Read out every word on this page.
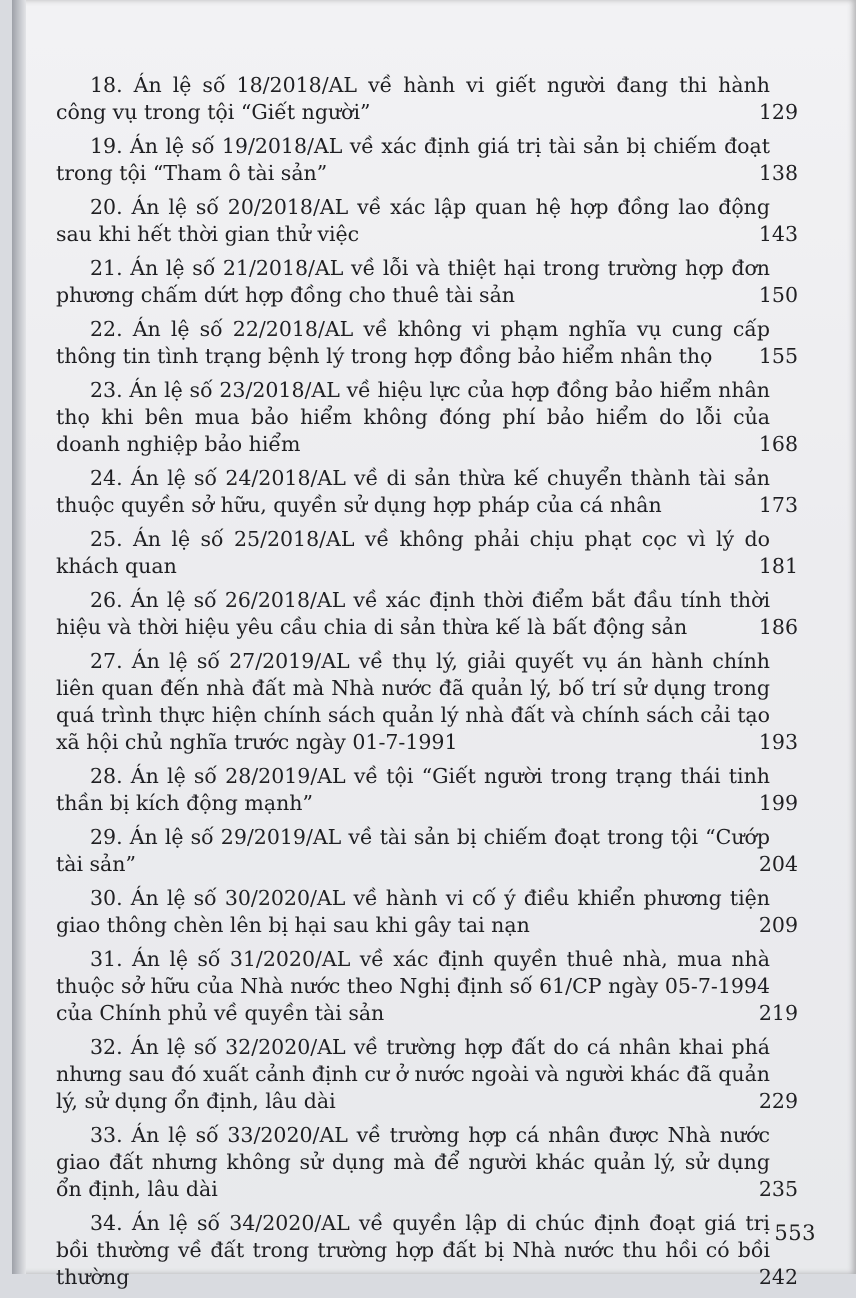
18. Án lệ số 18/2018/AL về hành vi giết người đang thi hành công vụ trong tội “Giết người”	129
19. Án lệ số 19/2018/AL về xác định giá trị tài sản bị chiếm đoạt trong tội “Tham ô tài sản”	138
20. Án lệ số 20/2018/AL về xác lập quan hệ hợp đồng lao động sau khi hết thời gian thử việc	143
21. Án lệ số 21/2018/AL về lỗi và thiệt hại trong trường hợp đơn phương chấm dứt hợp đồng cho thuê tài sản	150
22. Án lệ số 22/2018/AL về không vi phạm nghĩa vụ cung cấp thông tin tình trạng bệnh lý trong hợp đồng bảo hiểm nhân thọ	155
23. Án lệ số 23/2018/AL về hiệu lực của hợp đồng bảo hiểm nhân thọ khi bên mua bảo hiểm không đóng phí bảo hiểm do lỗi của doanh nghiệp bảo hiểm	168
24. Án lệ số 24/2018/AL về di sản thừa kế chuyển thành tài sản thuộc quyền sở hữu, quyền sử dụng hợp pháp của cá nhân	173
25. Án lệ số 25/2018/AL về không phải chịu phạt cọc vì lý do khách quan	181
26. Án lệ số 26/2018/AL về xác định thời điểm bắt đầu tính thời hiệu và thời hiệu yêu cầu chia di sản thừa kế là bất động sản	186
27. Án lệ số 27/2019/AL về thụ lý, giải quyết vụ án hành chính liên quan đến nhà đất mà Nhà nước đã quản lý, bố trí sử dụng trong quá trình thực hiện chính sách quản lý nhà đất và chính sách cải tạo xã hội chủ nghĩa trước ngày 01-7-1991	193
28. Án lệ số 28/2019/AL về tội “Giết người trong trạng thái tinh thần bị kích động mạnh”	199
29. Án lệ số 29/2019/AL về tài sản bị chiếm đoạt trong tội “Cướp tài sản”	204
30. Án lệ số 30/2020/AL về hành vi cố ý điều khiển phương tiện giao thông chèn lên bị hại sau khi gây tai nạn	209
31. Án lệ số 31/2020/AL về xác định quyền thuê nhà, mua nhà thuộc sở hữu của Nhà nước theo Nghị định số 61/CP ngày 05-7-1994 của Chính phủ về quyền tài sản	219
32. Án lệ số 32/2020/AL về trường hợp đất do cá nhân khai phá nhưng sau đó xuất cảnh định cư ở nước ngoài và người khác đã quản lý, sử dụng ổn định, lâu dài	229
33. Án lệ số 33/2020/AL về trường hợp cá nhân được Nhà nước giao đất nhưng không sử dụng mà để người khác quản lý, sử dụng ổn định, lâu dài	235
34. Án lệ số 34/2020/AL về quyền lập di chúc định đoạt giá trị bồi thường về đất trong trường hợp đất bị Nhà nước thu hồi có bồi thường	242
553
